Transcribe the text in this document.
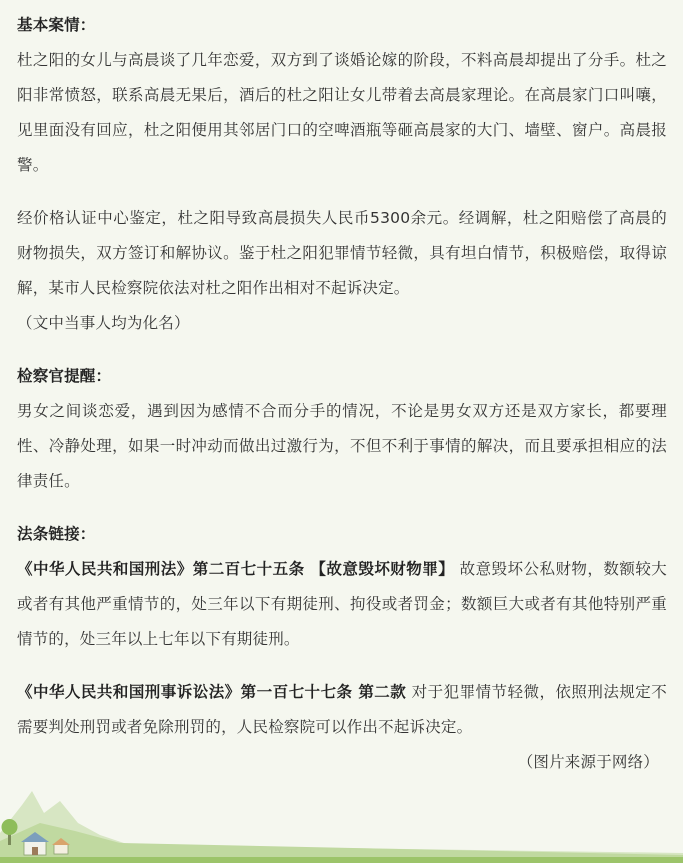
基本案情：

杜之阳的女儿与高晨谈了几年恋爱，双方到了谈婚论嫁的阶段，不料高晨却提出了分手。杜之阳非常愤怒，联系高晨无果后，酒后的杜之阳让女儿带着去高晨家理论。在高晨家门口叫嚷，见里面没有回应，杜之阳便用其邻居门口的空啤酒瓶等砸高晨家的大门、墙壁、窗户。高晨报警。

经价格认证中心鉴定，杜之阳导致高晨损失人民币5300余元。经调解，杜之阳赔偿了高晨的财物损失，双方签订和解协议。鉴于杜之阳犯罪情节轻微，具有坦白情节，积极赔偿，取得谅解，某市人民检察院依法对杜之阳作出相对不起诉决定。

（文中当事人均为化名）

检察官提醒：

男女之间谈恋爱，遇到因为感情不合而分手的情况，不论是男女双方还是双方家长，都要理性、冷静处理，如果一时冲动而做出过激行为，不但不利于事情的解决，而且要承担相应的法律责任。

法条链接：

《中华人民共和国刑法》第二百七十五条 【故意毁坏财物罪】 故意毁坏公私财物，数额较大或者有其他严重情节的，处三年以下有期徒刑、拘役或者罚金；数额巨大或者有其他特别严重情节的，处三年以上七年以下有期徒刑。

《中华人民共和国刑事诉讼法》第一百七十七条 第二款 对于犯罪情节轻微，依照刑法规定不需要判处刑罚或者免除刑罚的，人民检察院可以作出不起诉决定。

（图片来源于网络）
